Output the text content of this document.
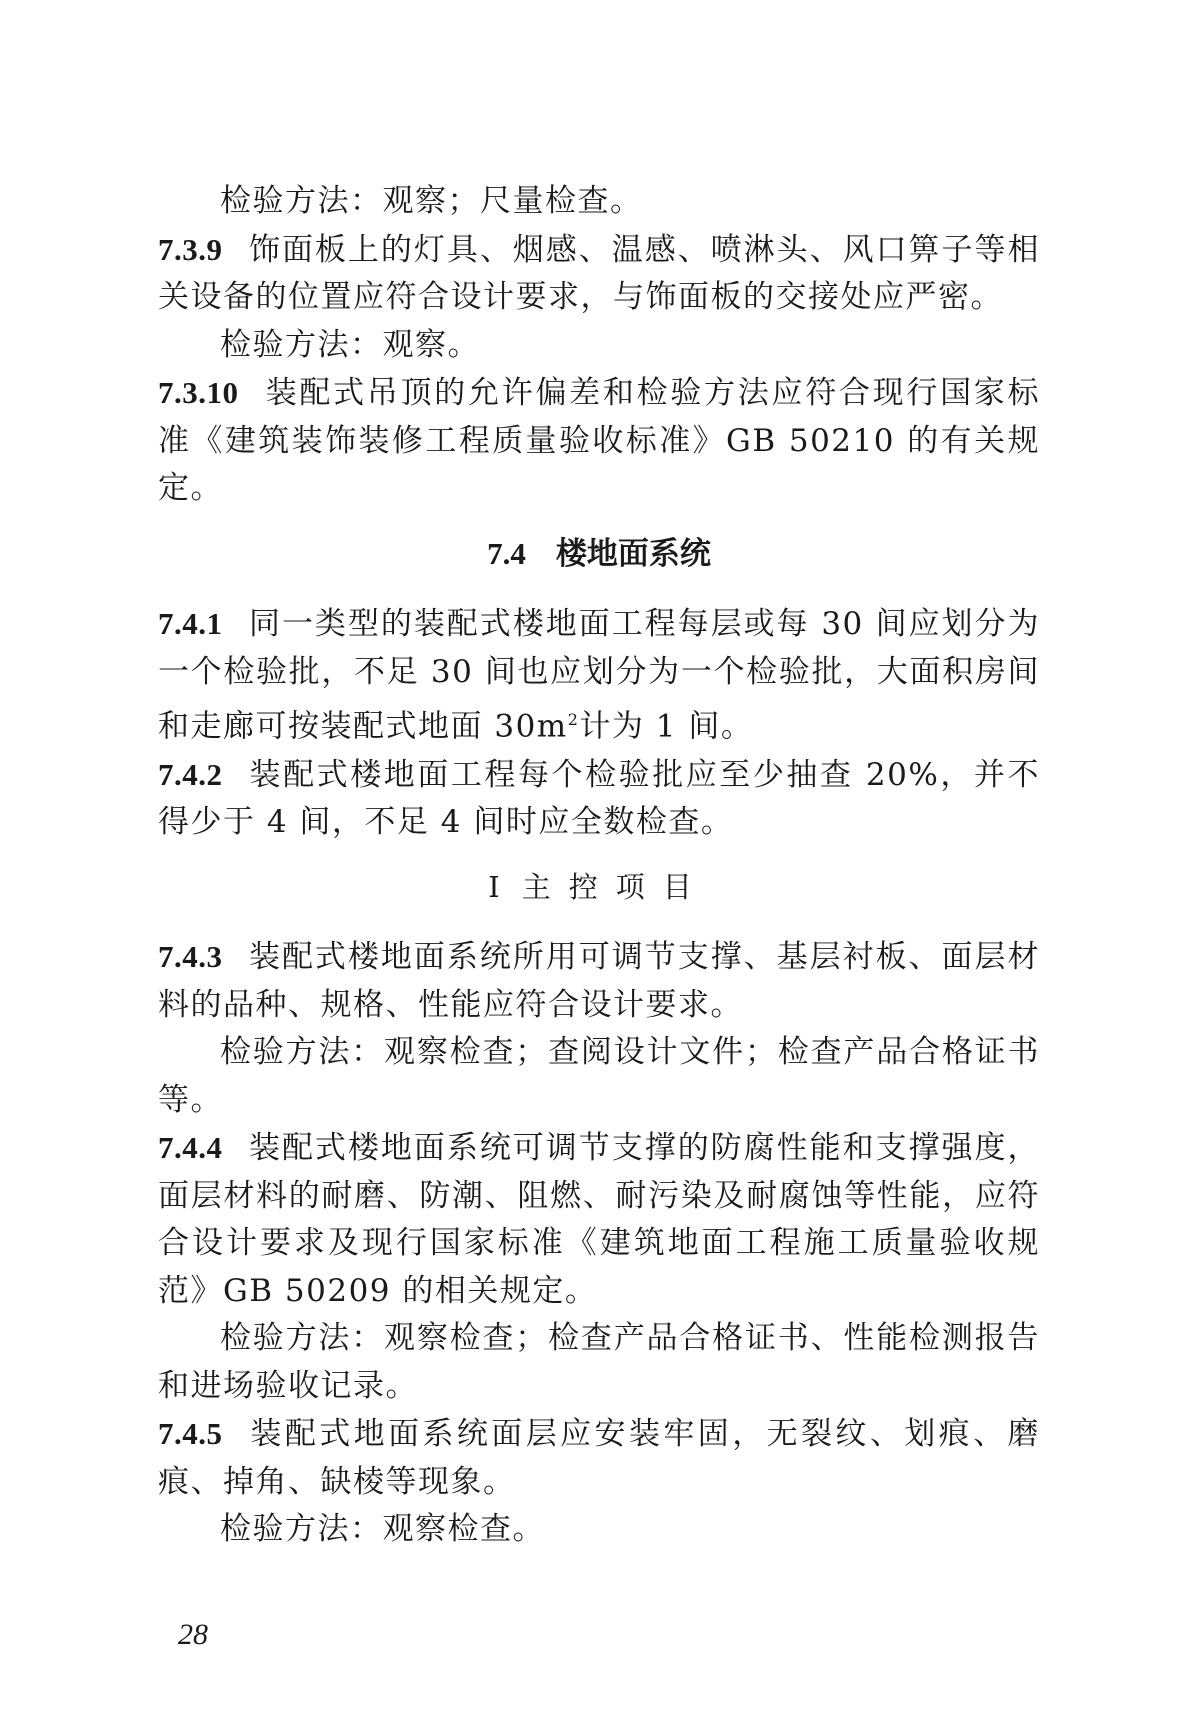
检验方法：观察；尺量检查。

7.3.9 饰面板上的灯具、烟感、温感、喷淋头、风口箅子等相关设备的位置应符合设计要求，与饰面板的交接处应严密。

检验方法：观察。

7.3.10 装配式吊顶的允许偏差和检验方法应符合现行国家标准《建筑装饰装修工程质量验收标准》GB 50210 的有关规定。

7.4 楼地面系统

7.4.1 同一类型的装配式楼地面工程每层或每 30 间应划分为一个检验批，不足 30 间也应划分为一个检验批，大面积房间和走廊可按装配式地面 $30m^2$计为 1 间。

7.4.2 装配式楼地面工程每个检验批应至少抽查 20%，并不得少于 4 间，不足 4 间时应全数检查。

Ⅰ 主控项目

7.4.3 装配式楼地面系统所用可调节支撑、基层衬板、面层材料的品种、规格、性能应符合设计要求。

检验方法：观察检查；查阅设计文件；检查产品合格证书等。

7.4.4 装配式楼地面系统可调节支撑的防腐性能和支撑强度，面层材料的耐磨、防潮、阻燃、耐污染及耐腐蚀等性能，应符合设计要求及现行国家标准《建筑地面工程施工质量验收规范》GB 50209 的相关规定。

检验方法：观察检查；检查产品合格证书、性能检测报告和进场验收记录。

7.4.5 装配式地面系统面层应安装牢固，无裂纹、划痕、磨痕、掉角、缺棱等现象。

检验方法：观察检查。

28
